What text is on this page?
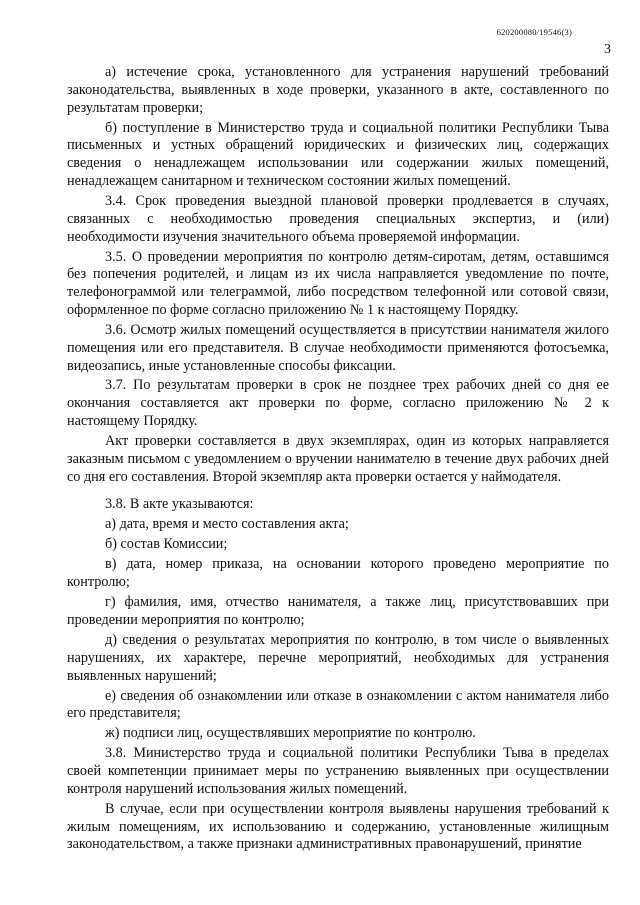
620200080/19546(3)
3

а) истечение срока, установленного для устранения нарушений требований законодательства, выявленных в ходе проверки, указанного в акте, составленного по результатам проверки;

б) поступление в Министерство труда и социальной политики Республики Тыва письменных и устных обращений юридических и физических лиц, содержащих сведения о ненадлежащем использовании или содержании жилых помещений, ненадлежащем санитарном и техническом состоянии жилых помещений.

3.4. Срок проведения выездной плановой проверки продлевается в случаях, связанных с необходимостью проведения специальных экспертиз, и (или) необходимости изучения значительного объема проверяемой информации.

3.5. О проведении мероприятия по контролю детям-сиротам, детям, оставшимся без попечения родителей, и лицам из их числа направляется уведомление по почте, телефонограммой или телеграммой, либо посредством телефонной или сотовой связи, оформленное по форме согласно приложению № 1 к настоящему Порядку.

3.6. Осмотр жилых помещений осуществляется в присутствии нанимателя жилого помещения или его представителя. В случае необходимости применяются фотосъемка, видеозапись, иные установленные способы фиксации.

3.7. По результатам проверки в срок не позднее трех рабочих дней со дня ее окончания составляется акт проверки по форме, согласно приложению № 2 к настоящему Порядку.

Акт проверки составляется в двух экземплярах, один из которых направляется заказным письмом с уведомлением о вручении нанимателю в течение двух рабочих дней со дня его составления. Второй экземпляр акта проверки остается у наймодателя.

3.8. В акте указываются:

а) дата, время и место составления акта;

б) состав Комиссии;

в) дата, номер приказа, на основании которого проведено мероприятие по контролю;

г) фамилия, имя, отчество нанимателя, а также лиц, присутствовавших при проведении мероприятия по контролю;

д) сведения о результатах мероприятия по контролю, в том числе о выявленных нарушениях, их характере, перечне мероприятий, необходимых для устранения выявленных нарушений;

е) сведения об ознакомлении или отказе в ознакомлении с актом нанимателя либо его представителя;

ж) подписи лиц, осуществлявших мероприятие по контролю.

3.8. Министерство труда и социальной политики Республики Тыва в пределах своей компетенции принимает меры по устранению выявленных при осуществлении контроля нарушений использования жилых помещений.

В случае, если при осуществлении контроля выявлены нарушения требований к жилым помещениям, их использованию и содержанию, установленные жилищным законодательством, а также признаки административных правонарушений, принятие
